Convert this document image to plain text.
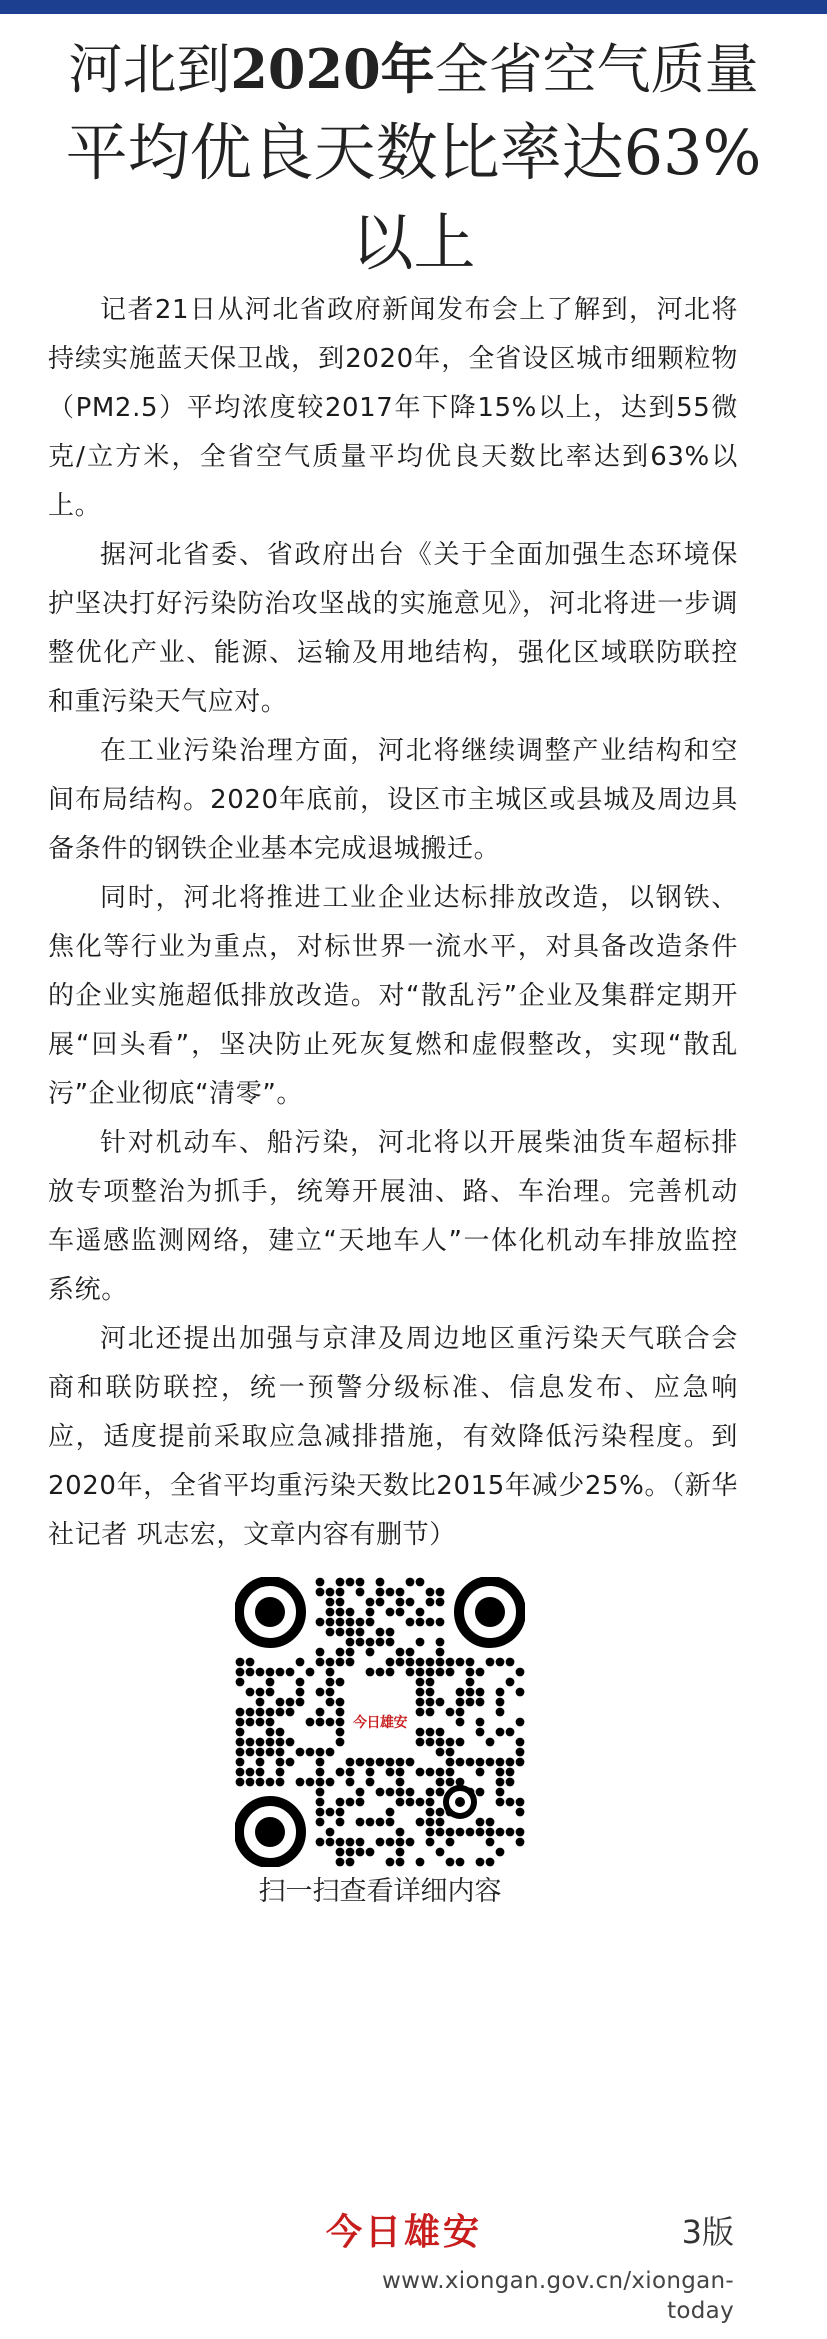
河北到2020年全省空气质量
平均优良天数比率达63%
以上

记者21日从河北省政府新闻发布会上了解到，河北将持续实施蓝天保卫战，到2020年，全省设区城市细颗粒物（PM2.5）平均浓度较2017年下降15%以上，达到55微克/立方米，全省空气质量平均优良天数比率达到63%以上。

据河北省委、省政府出台《关于全面加强生态环境保护坚决打好污染防治攻坚战的实施意见》，河北将进一步调整优化产业、能源、运输及用地结构，强化区域联防联控和重污染天气应对。

在工业污染治理方面，河北将继续调整产业结构和空间布局结构。2020年底前，设区市主城区或县城及周边具备条件的钢铁企业基本完成退城搬迁。

同时，河北将推进工业企业达标排放改造，以钢铁、焦化等行业为重点，对标世界一流水平，对具备改造条件的企业实施超低排放改造。对“散乱污”企业及集群定期开展“回头看”，坚决防止死灰复燃和虚假整改，实现“散乱污”企业彻底“清零”。

针对机动车、船污染，河北将以开展柴油货车超标排放专项整治为抓手，统筹开展油、路、车治理。完善机动车遥感监测网络，建立“天地车人”一体化机动车排放监控系统。

河北还提出加强与京津及周边地区重污染天气联合会商和联防联控，统一预警分级标准、信息发布、应急响应，适度提前采取应急减排措施，有效降低污染程度。到2020年，全省平均重污染天数比2015年减少25%。（新华社记者 巩志宏，文章内容有删节）

今日雄安
扫一扫查看详细内容
今日雄安	3版
www.xiongan.gov.cn/xiongan-today
